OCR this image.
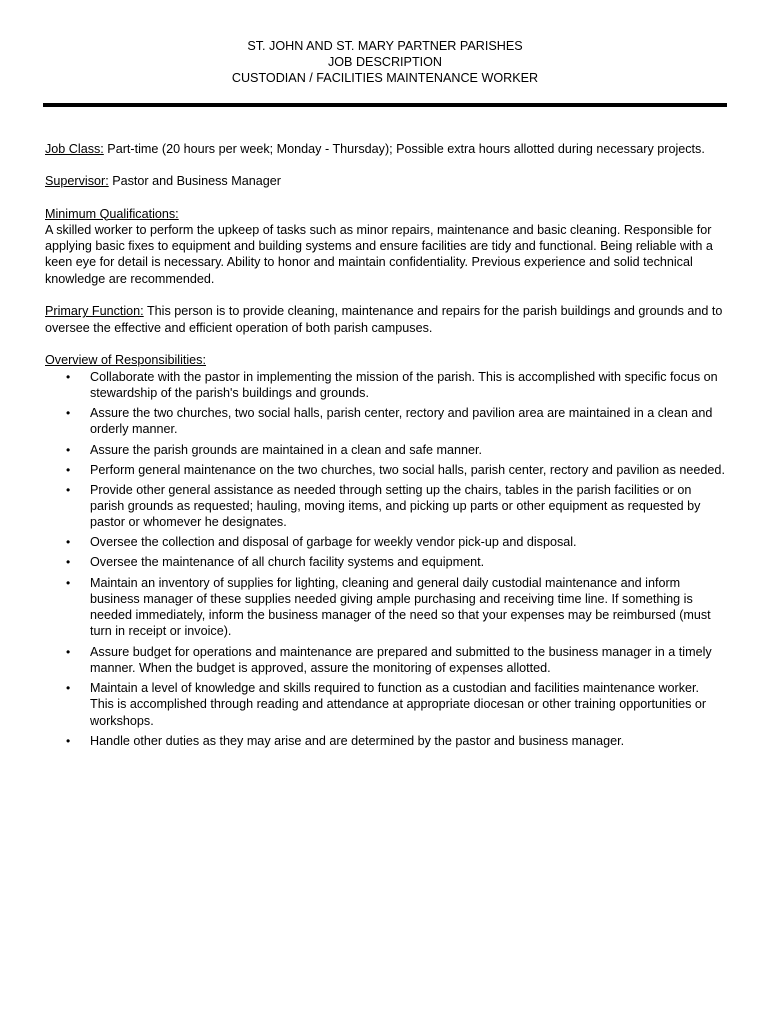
ST. JOHN AND ST. MARY PARTNER PARISHES
JOB DESCRIPTION
CUSTODIAN / FACILITIES MAINTENANCE WORKER

Job Class: Part-time (20 hours per week; Monday - Thursday); Possible extra hours allotted during necessary projects.

Supervisor: Pastor and Business Manager

Minimum Qualifications:
A skilled worker to perform the upkeep of tasks such as minor repairs, maintenance and basic cleaning. Responsible for applying basic fixes to equipment and building systems and ensure facilities are tidy and functional. Being reliable with a keen eye for detail is necessary. Ability to honor and maintain confidentiality. Previous experience and solid technical knowledge are recommended.

Primary Function: This person is to provide cleaning, maintenance and repairs for the parish buildings and grounds and to oversee the effective and efficient operation of both parish campuses.

Overview of Responsibilities:
• Collaborate with the pastor in implementing the mission of the parish. This is accomplished with specific focus on stewardship of the parish's buildings and grounds.
• Assure the two churches, two social halls, parish center, rectory and pavilion area are maintained in a clean and orderly manner.
• Assure the parish grounds are maintained in a clean and safe manner.
• Perform general maintenance on the two churches, two social halls, parish center, rectory and pavilion as needed.
• Provide other general assistance as needed through setting up the chairs, tables in the parish facilities or on parish grounds as requested; hauling, moving items, and picking up parts or other equipment as requested by pastor or whomever he designates.
• Oversee the collection and disposal of garbage for weekly vendor pick-up and disposal.
• Oversee the maintenance of all church facility systems and equipment.
• Maintain an inventory of supplies for lighting, cleaning and general daily custodial maintenance and inform business manager of these supplies needed giving ample purchasing and receiving time line. If something is needed immediately, inform the business manager of the need so that your expenses may be reimbursed (must turn in receipt or invoice).
• Assure budget for operations and maintenance are prepared and submitted to the business manager in a timely manner. When the budget is approved, assure the monitoring of expenses allotted.
• Maintain a level of knowledge and skills required to function as a custodian and facilities maintenance worker. This is accomplished through reading and attendance at appropriate diocesan or other training opportunities or workshops.
• Handle other duties as they may arise and are determined by the pastor and business manager.
